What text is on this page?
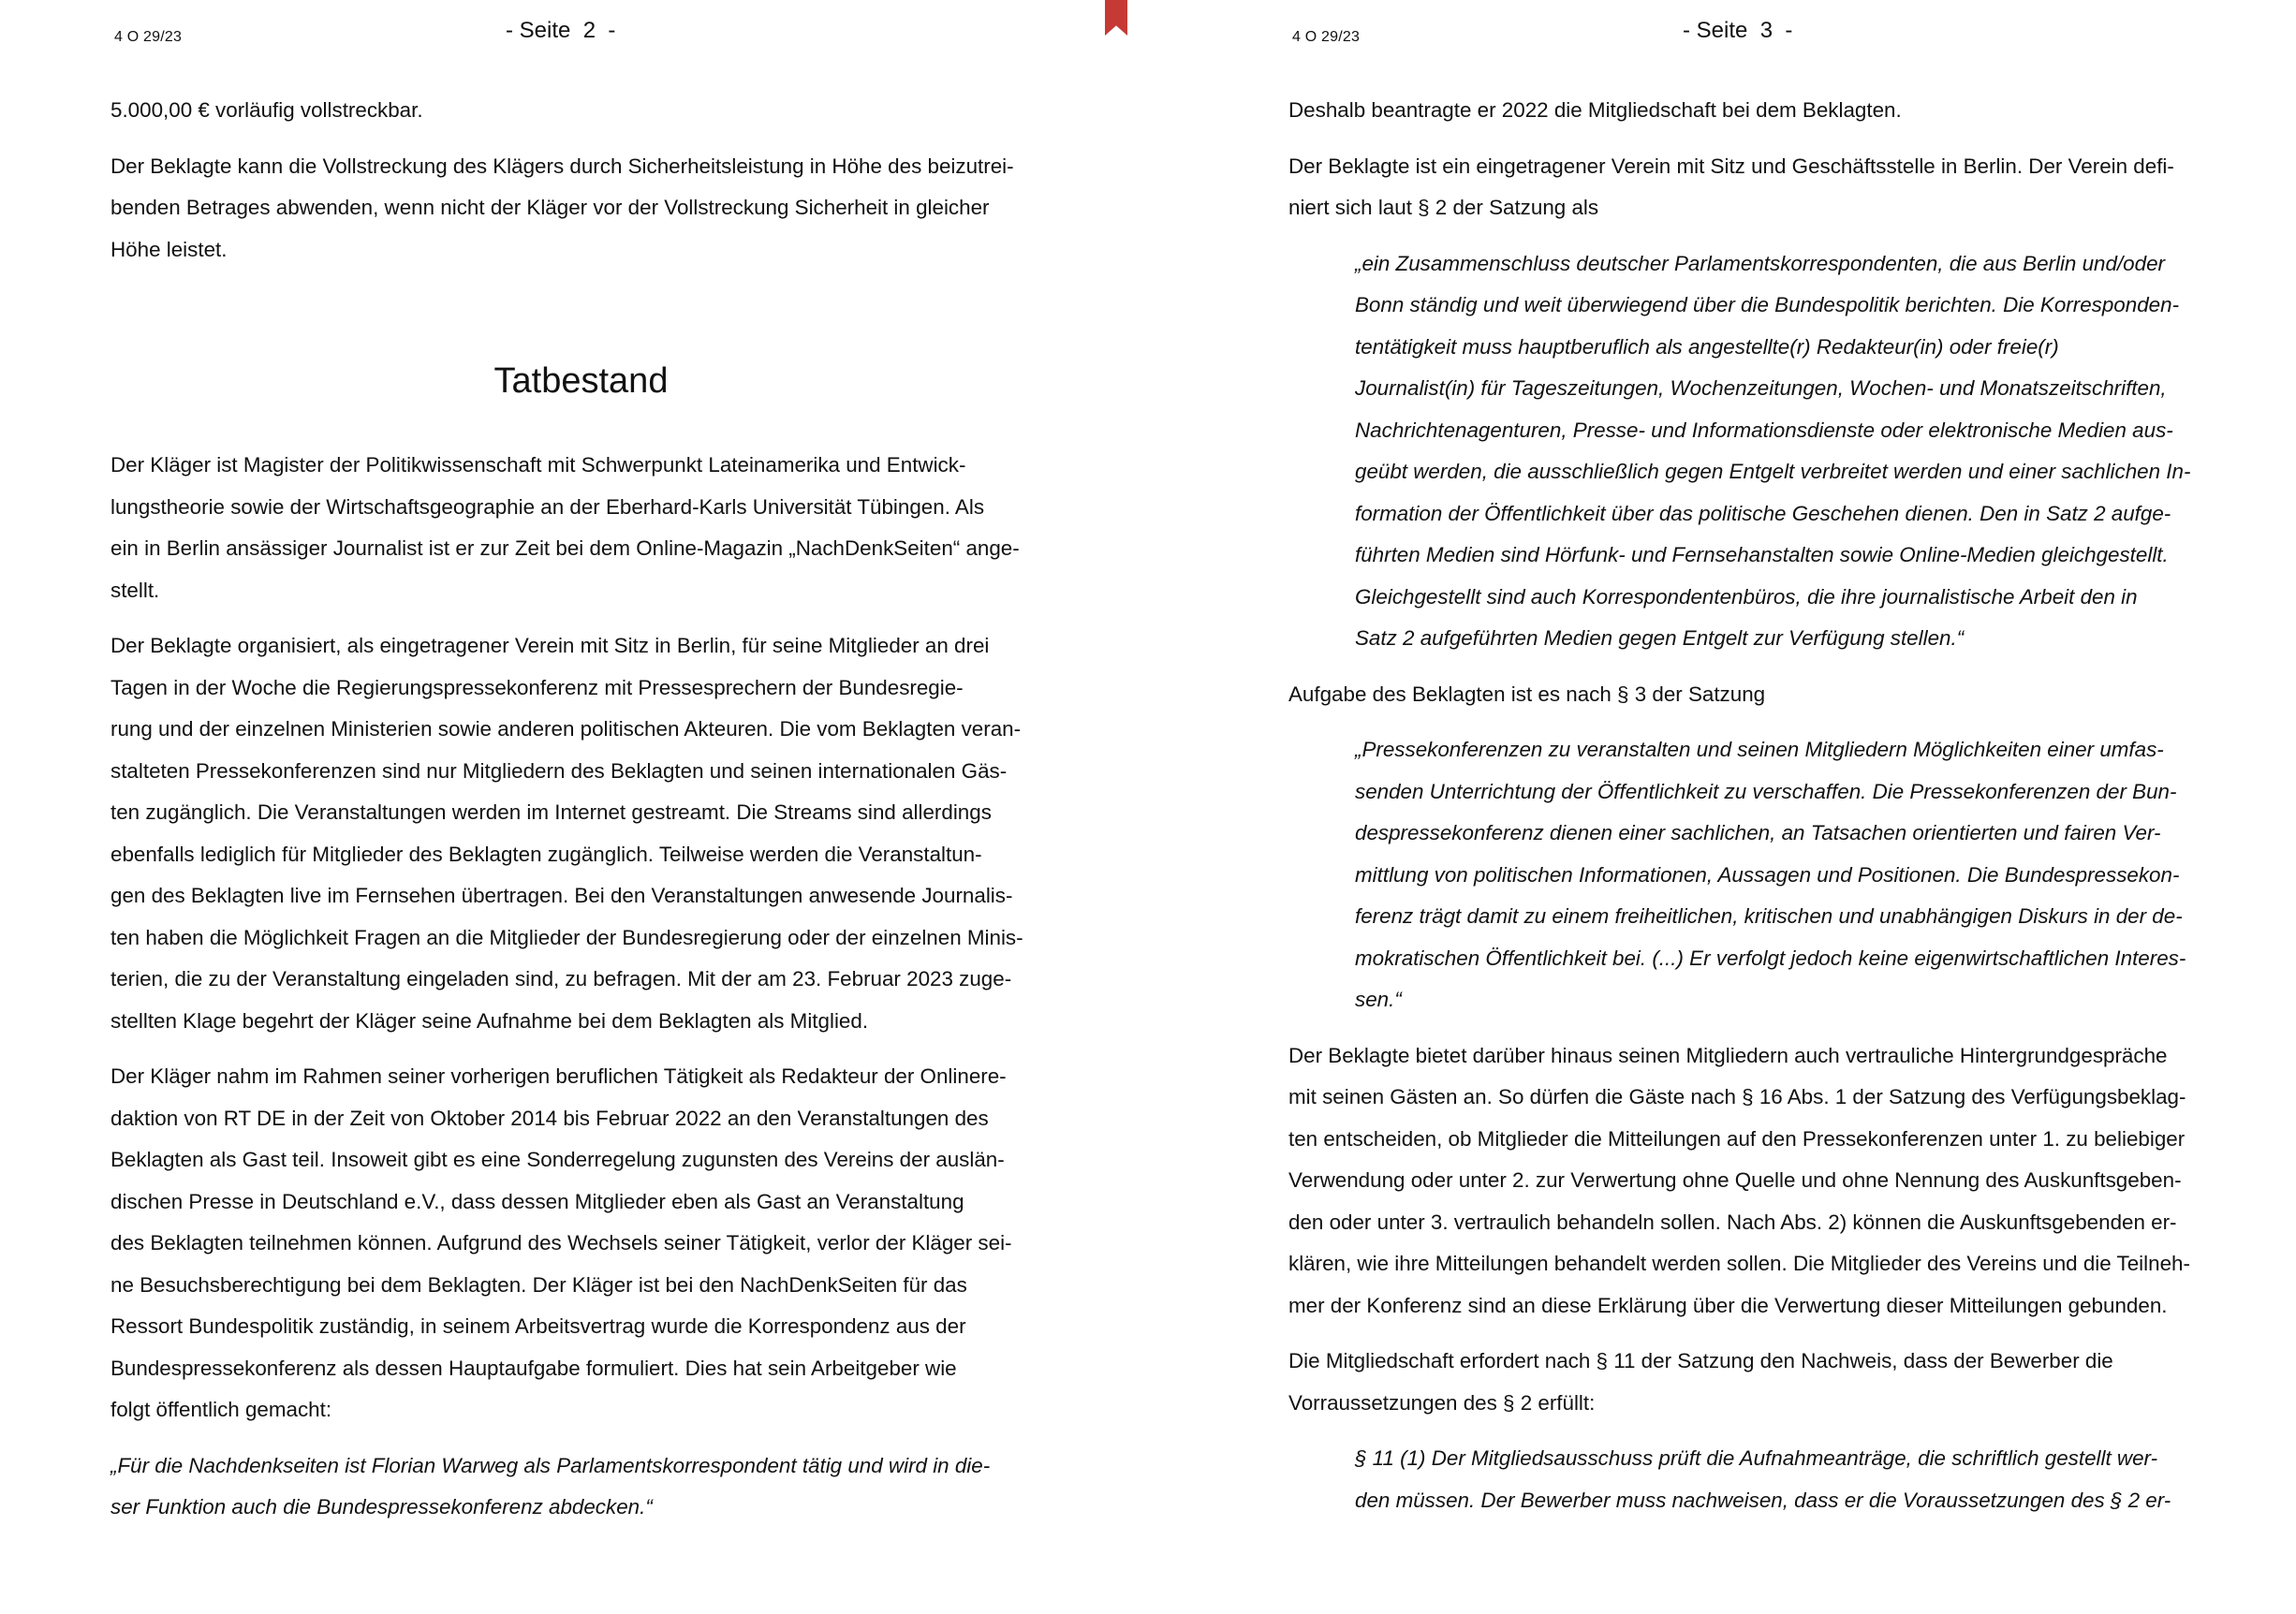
4 O 29/23	- Seite  2  -
5.000,00 € vorläufig vollstreckbar.
Der Beklagte kann die Vollstreckung des Klägers durch Sicherheitsleistung in Höhe des beizutrei-
benden Betrages abwenden, wenn nicht der Kläger vor der Vollstreckung Sicherheit in gleicher
Höhe leistet.
Tatbestand
Der Kläger ist Magister der Politikwissenschaft mit Schwerpunkt Lateinamerika und Entwick-
lungstheorie sowie der Wirtschaftsgeographie an der Eberhard-Karls Universität Tübingen. Als
ein in Berlin ansässiger Journalist ist er zur Zeit bei dem Online-Magazin „NachDenkSeiten“ ange-
stellt.
Der Beklagte organisiert, als eingetragener Verein mit Sitz in Berlin, für seine Mitglieder an drei
Tagen in der Woche die Regierungspressekonferenz mit Pressesprechern der Bundesregie-
rung und der einzelnen Ministerien sowie anderen politischen Akteuren. Die vom Beklagten veran-
stalteten Pressekonferenzen sind nur Mitgliedern des Beklagten und seinen internationalen Gäs-
ten zugänglich. Die Veranstaltungen werden im Internet gestreamt. Die Streams sind allerdings
ebenfalls lediglich für Mitglieder des Beklagten zugänglich. Teilweise werden die Veranstaltun-
gen des Beklagten live im Fernsehen übertragen. Bei den Veranstaltungen anwesende Journalis-
ten haben die Möglichkeit Fragen an die Mitglieder der Bundesregierung oder der einzelnen Minis-
terien, die zu der Veranstaltung eingeladen sind, zu befragen. Mit der am 23. Februar 2023 zuge-
stellten Klage begehrt der Kläger seine Aufnahme bei dem Beklagten als Mitglied.
Der Kläger nahm im Rahmen seiner vorherigen beruflichen Tätigkeit als Redakteur der Onlinere-
daktion von RT DE in der Zeit von Oktober 2014 bis Februar 2022 an den Veranstaltungen des
Beklagten als Gast teil. Insoweit gibt es eine Sonderregelung zugunsten des Vereins der auslän-
dischen Presse in Deutschland e.V., dass dessen Mitglieder eben als Gast an Veranstaltung
des Beklagten teilnehmen können. Aufgrund des Wechsels seiner Tätigkeit, verlor der Kläger sei-
ne Besuchsberechtigung bei dem Beklagten. Der Kläger ist bei den NachDenkSeiten für das
Ressort Bundespolitik zuständig, in seinem Arbeitsvertrag wurde die Korrespondenz aus der
Bundespressekonferenz als dessen Hauptaufgabe formuliert. Dies hat sein Arbeitgeber wie
folgt öffentlich gemacht:
„Für die Nachdenkseiten ist Florian Warweg als Parlamentskorrespondent tätig und wird in die-
ser Funktion auch die Bundespressekonferenz abdecken.“
4 O 29/23	- Seite  3  -
Deshalb beantragte er 2022 die Mitgliedschaft bei dem Beklagten.
Der Beklagte ist ein eingetragener Verein mit Sitz und Geschäftsstelle in Berlin. Der Verein defi-
niert sich laut § 2 der Satzung als
„ein Zusammenschluss deutscher Parlamentskorrespondenten, die aus Berlin und/oder
Bonn ständig und weit überwiegend über die Bundespolitik berichten. Die Korresponden-
tentätigkeit muss hauptberuflich als angestellte(r) Redakteur(in) oder freie(r)
Journalist(in) für Tageszeitungen, Wochenzeitungen, Wochen- und Monatszeitschriften,
Nachrichtenagenturen, Presse- und Informationsdienste oder elektronische Medien aus-
geübt werden, die ausschließlich gegen Entgelt verbreitet werden und einer sachlichen In-
formation der Öffentlichkeit über das politische Geschehen dienen. Den in Satz 2 aufge-
führten Medien sind Hörfunk- und Fernsehanstalten sowie Online-Medien gleichgestellt.
Gleichgestellt sind auch Korrespondentenbüros, die ihre journalistische Arbeit den in
Satz 2 aufgeführten Medien gegen Entgelt zur Verfügung stellen.“
Aufgabe des Beklagten ist es nach § 3 der Satzung
„Pressekonferenzen zu veranstalten und seinen Mitgliedern Möglichkeiten einer umfas-
senden Unterrichtung der Öffentlichkeit zu verschaffen. Die Pressekonferenzen der Bun-
despressekonferenz dienen einer sachlichen, an Tatsachen orientierten und fairen Ver-
mittlung von politischen Informationen, Aussagen und Positionen. Die Bundespressekon-
ferenz trägt damit zu einem freiheitlichen, kritischen und unabhängigen Diskurs in der de-
mokratischen Öffentlichkeit bei. (...) Er verfolgt jedoch keine eigenwirtschaftlichen Interes-
sen.“
Der Beklagte bietet darüber hinaus seinen Mitgliedern auch vertrauliche Hintergrundgespräche
mit seinen Gästen an. So dürfen die Gäste nach § 16 Abs. 1 der Satzung des Verfügungsbeklag-
ten entscheiden, ob Mitglieder die Mitteilungen auf den Pressekonferenzen unter 1. zu beliebiger
Verwendung oder unter 2. zur Verwertung ohne Quelle und ohne Nennung des Auskunftsgeben-
den oder unter 3. vertraulich behandeln sollen. Nach Abs. 2) können die Auskunftsgebenden er-
klären, wie ihre Mitteilungen behandelt werden sollen. Die Mitglieder des Vereins und die Teilneh-
mer der Konferenz sind an diese Erklärung über die Verwertung dieser Mitteilungen gebunden.
Die Mitgliedschaft erfordert nach § 11 der Satzung den Nachweis, dass der Bewerber die
Vorraussetzungen des § 2 erfüllt:
§ 11 (1) Der Mitgliedsausschuss prüft die Aufnahmeanträge, die schriftlich gestellt wer-
den müssen. Der Bewerber muss nachweisen, dass er die Voraussetzungen des § 2 er-
